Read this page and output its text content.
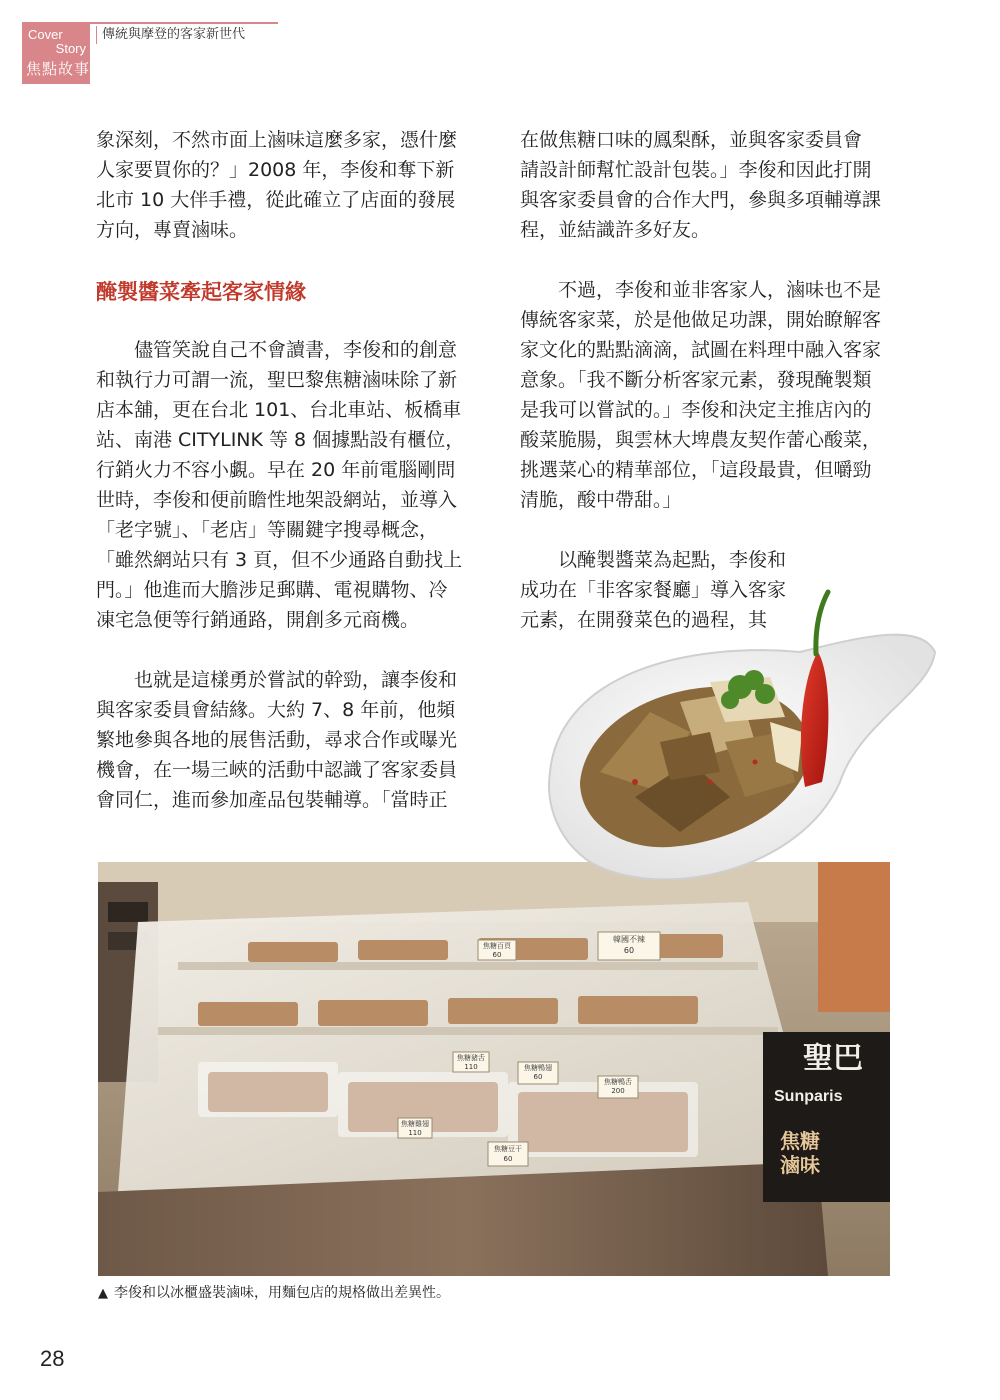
Cover
Story
焦點故事
傳統與摩登的客家新世代

象深刻，不然市面上滷味這麼多家，憑什麼

人家要買你的？」2008 年，李俊和奪下新

北市 10 大伴手禮，從此確立了店面的發展

方向，專賣滷味。

醃製醬菜牽起客家情緣

　　儘管笑說自己不會讀書，李俊和的創意

和執行力可謂一流，聖巴黎焦糖滷味除了新

店本舖，更在台北 101、台北車站、板橋車

站、南港 CITYLINK 等 8 個據點設有櫃位，

行銷火力不容小覷。早在 20 年前電腦剛問

世時，李俊和便前瞻性地架設網站，並導入

「老字號」、「老店」等關鍵字搜尋概念，

「雖然網站只有 3 頁，但不少通路自動找上

門。」他進而大膽涉足郵購、電視購物、冷

凍宅急便等行銷通路，開創多元商機。

　　也就是這樣勇於嘗試的幹勁，讓李俊和

與客家委員會結緣。大約 7、8 年前，他頻

繁地參與各地的展售活動，尋求合作或曝光

機會，在一場三峽的活動中認識了客家委員

會同仁，進而參加產品包裝輔導。「當時正

在做焦糖口味的鳳梨酥，並與客家委員會

請設計師幫忙設計包裝。」李俊和因此打開

與客家委員會的合作大門，參與多項輔導課

程，並結識許多好友。

　　不過，李俊和並非客家人，滷味也不是

傳統客家菜，於是他做足功課，開始瞭解客

家文化的點點滴滴，試圖在料理中融入客家

意象。「我不斷分析客家元素，發現醃製類

是我可以嘗試的。」李俊和決定主推店內的

酸菜脆腸，與雲林大埤農友契作蕾心酸菜，

挑選菜心的精華部位，「這段最貴，但嚼勁

清脆，酸中帶甜。」

　　以醃製醬菜為起點，李俊和

成功在「非客家餐廳」導入客家

元素，在開發菜色的過程，其

聖巴
Sunparis
焦糖
滷味
韓國不辣
60
焦糖百頁
60
焦糖豬舌
110	焦糖鴨翅
60
焦糖鴨舌
200
焦糖豆干
60
焦糖雞翅
110
▲ 李俊和以冰櫃盛裝滷味，用麵包店的規格做出差異性。
28
